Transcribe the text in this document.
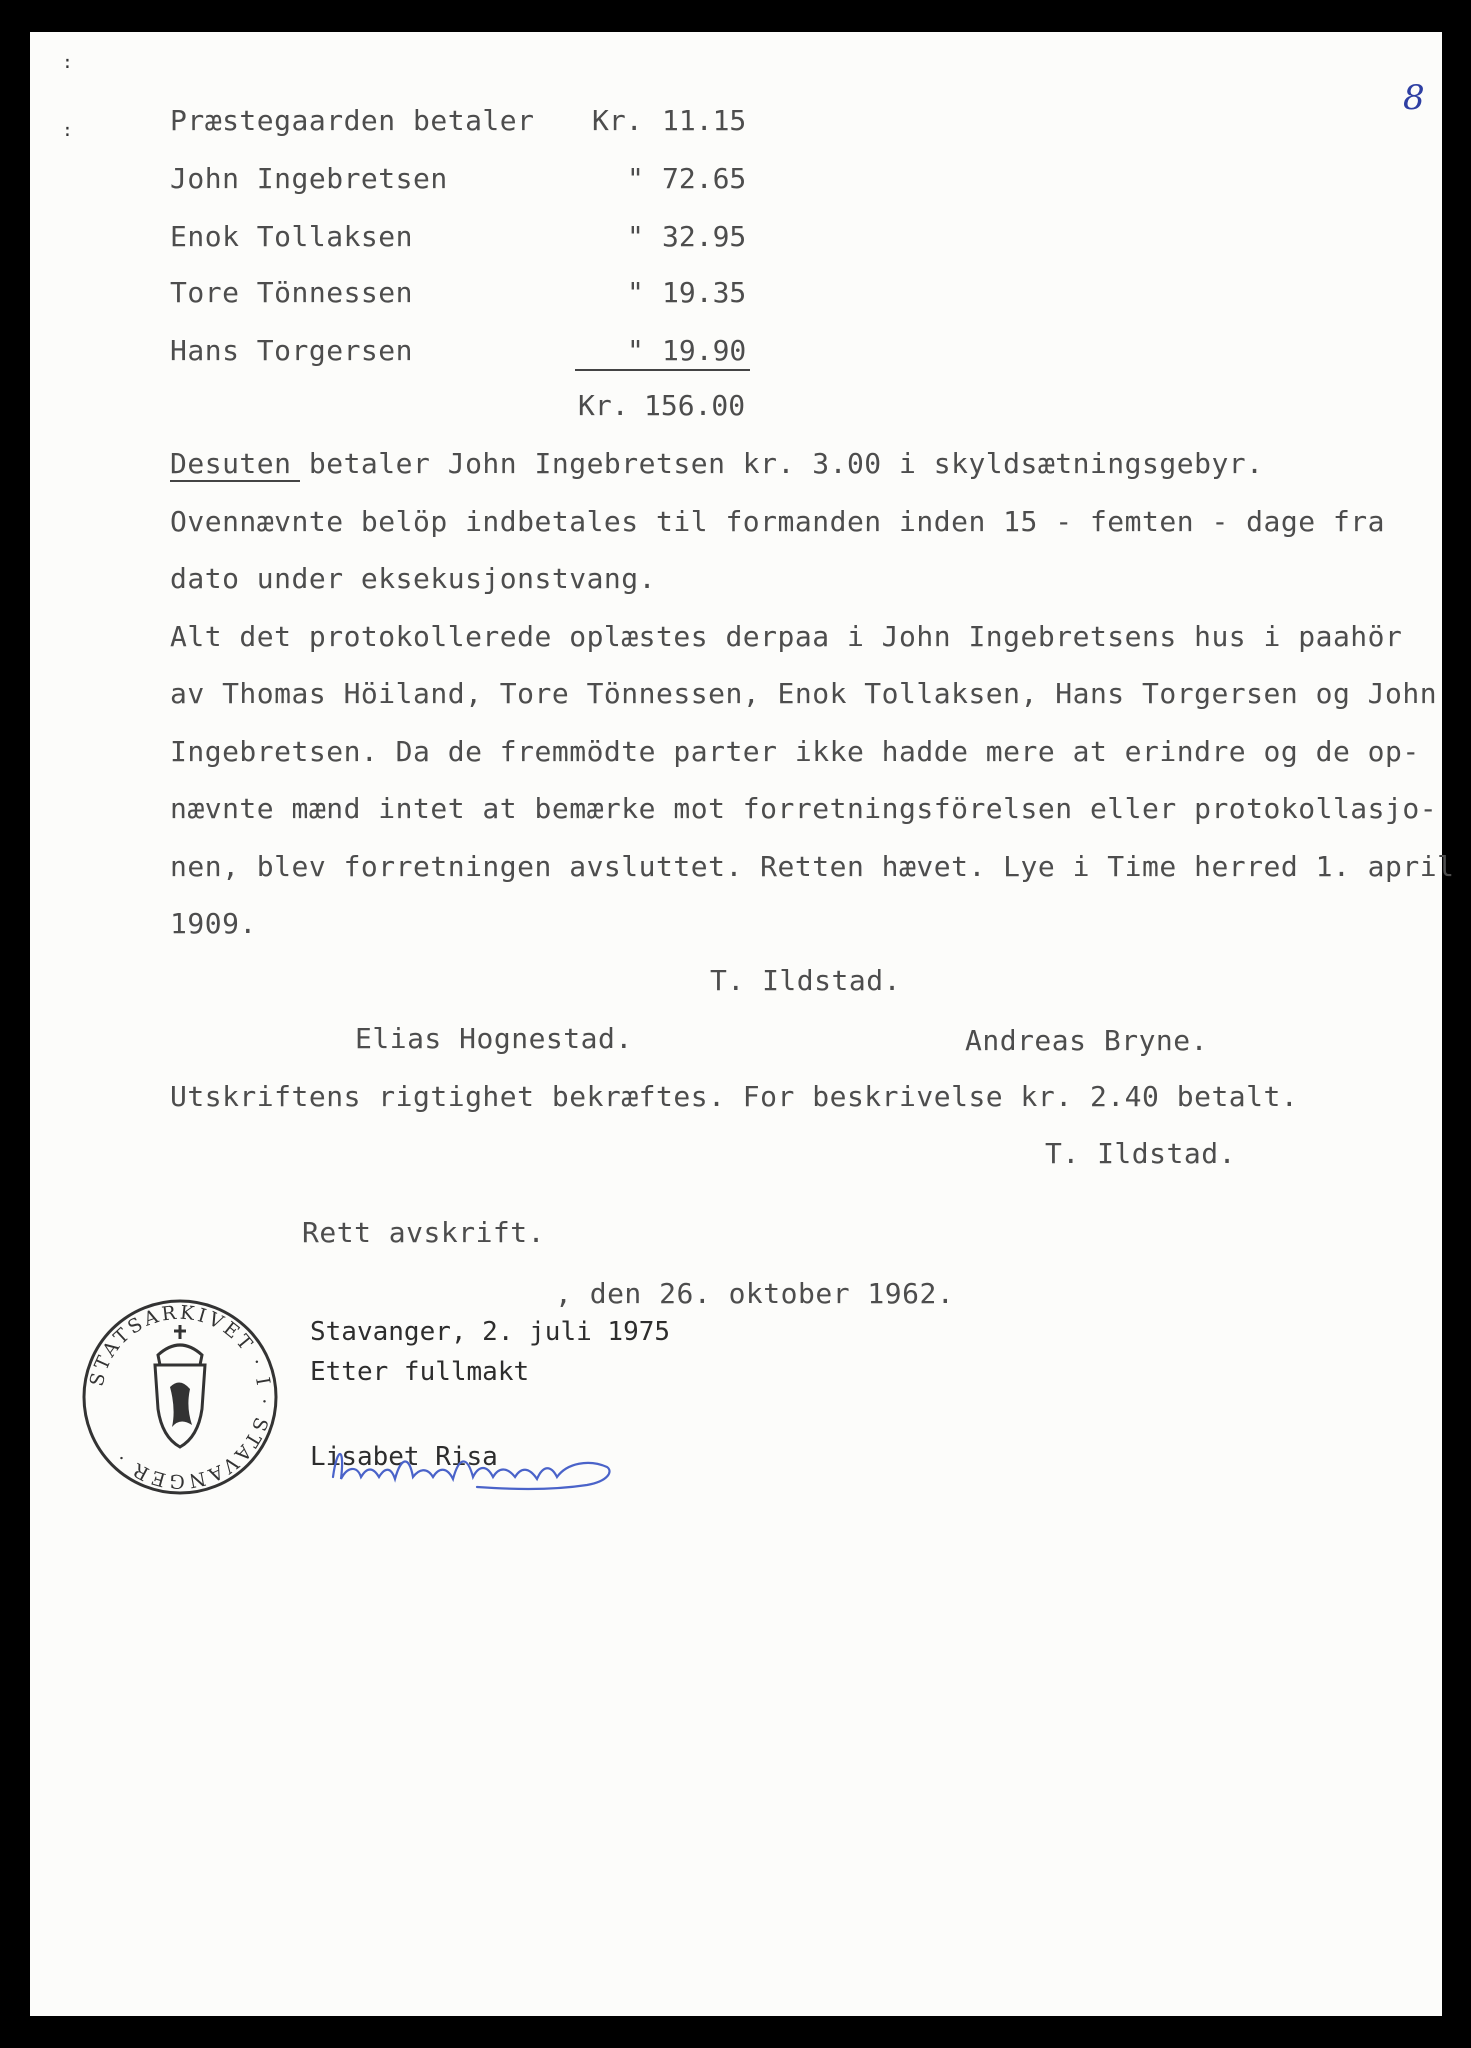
:
:
8
Præstegaarden betaler Kr. 11.15
John Ingebretsen	" 72.65
Enok Tollaksen	" 32.95
Tore Tönnessen	" 19.35
Hans Torgersen	" 19.90
Kr. 156.00
Desuten betaler John Ingebretsen kr. 3.00 i skyldsætningsgebyr.
Ovennævnte belöp indbetales til formanden inden 15 - femten - dage fra
dato under eksekusjonstvang.
Alt det protokollerede oplæstes derpaa i John Ingebretsens hus i paahör
av Thomas Höiland, Tore Tönnessen, Enok Tollaksen, Hans Torgersen og John
Ingebretsen. Da de fremmödte parter ikke hadde mere at erindre og de op-
nævnte mænd intet at bemærke mot forretningsförelsen eller protokollasjo-
nen, blev forretningen avsluttet. Retten hævet. Lye i Time herred 1. april
1909.
T. Ildstad.
Elias Hognestad.	Andreas Bryne.
Utskriftens rigtighet bekræftes. For beskrivelse kr. 2.40 betalt.
T. Ildstad.
Rett avskrift.
, den 26. oktober 1962.
Stavanger, 2. juli 1975
Etter fullmakt
Lisabet Risa
STATSARKIVET · I · STAVANGER ·
